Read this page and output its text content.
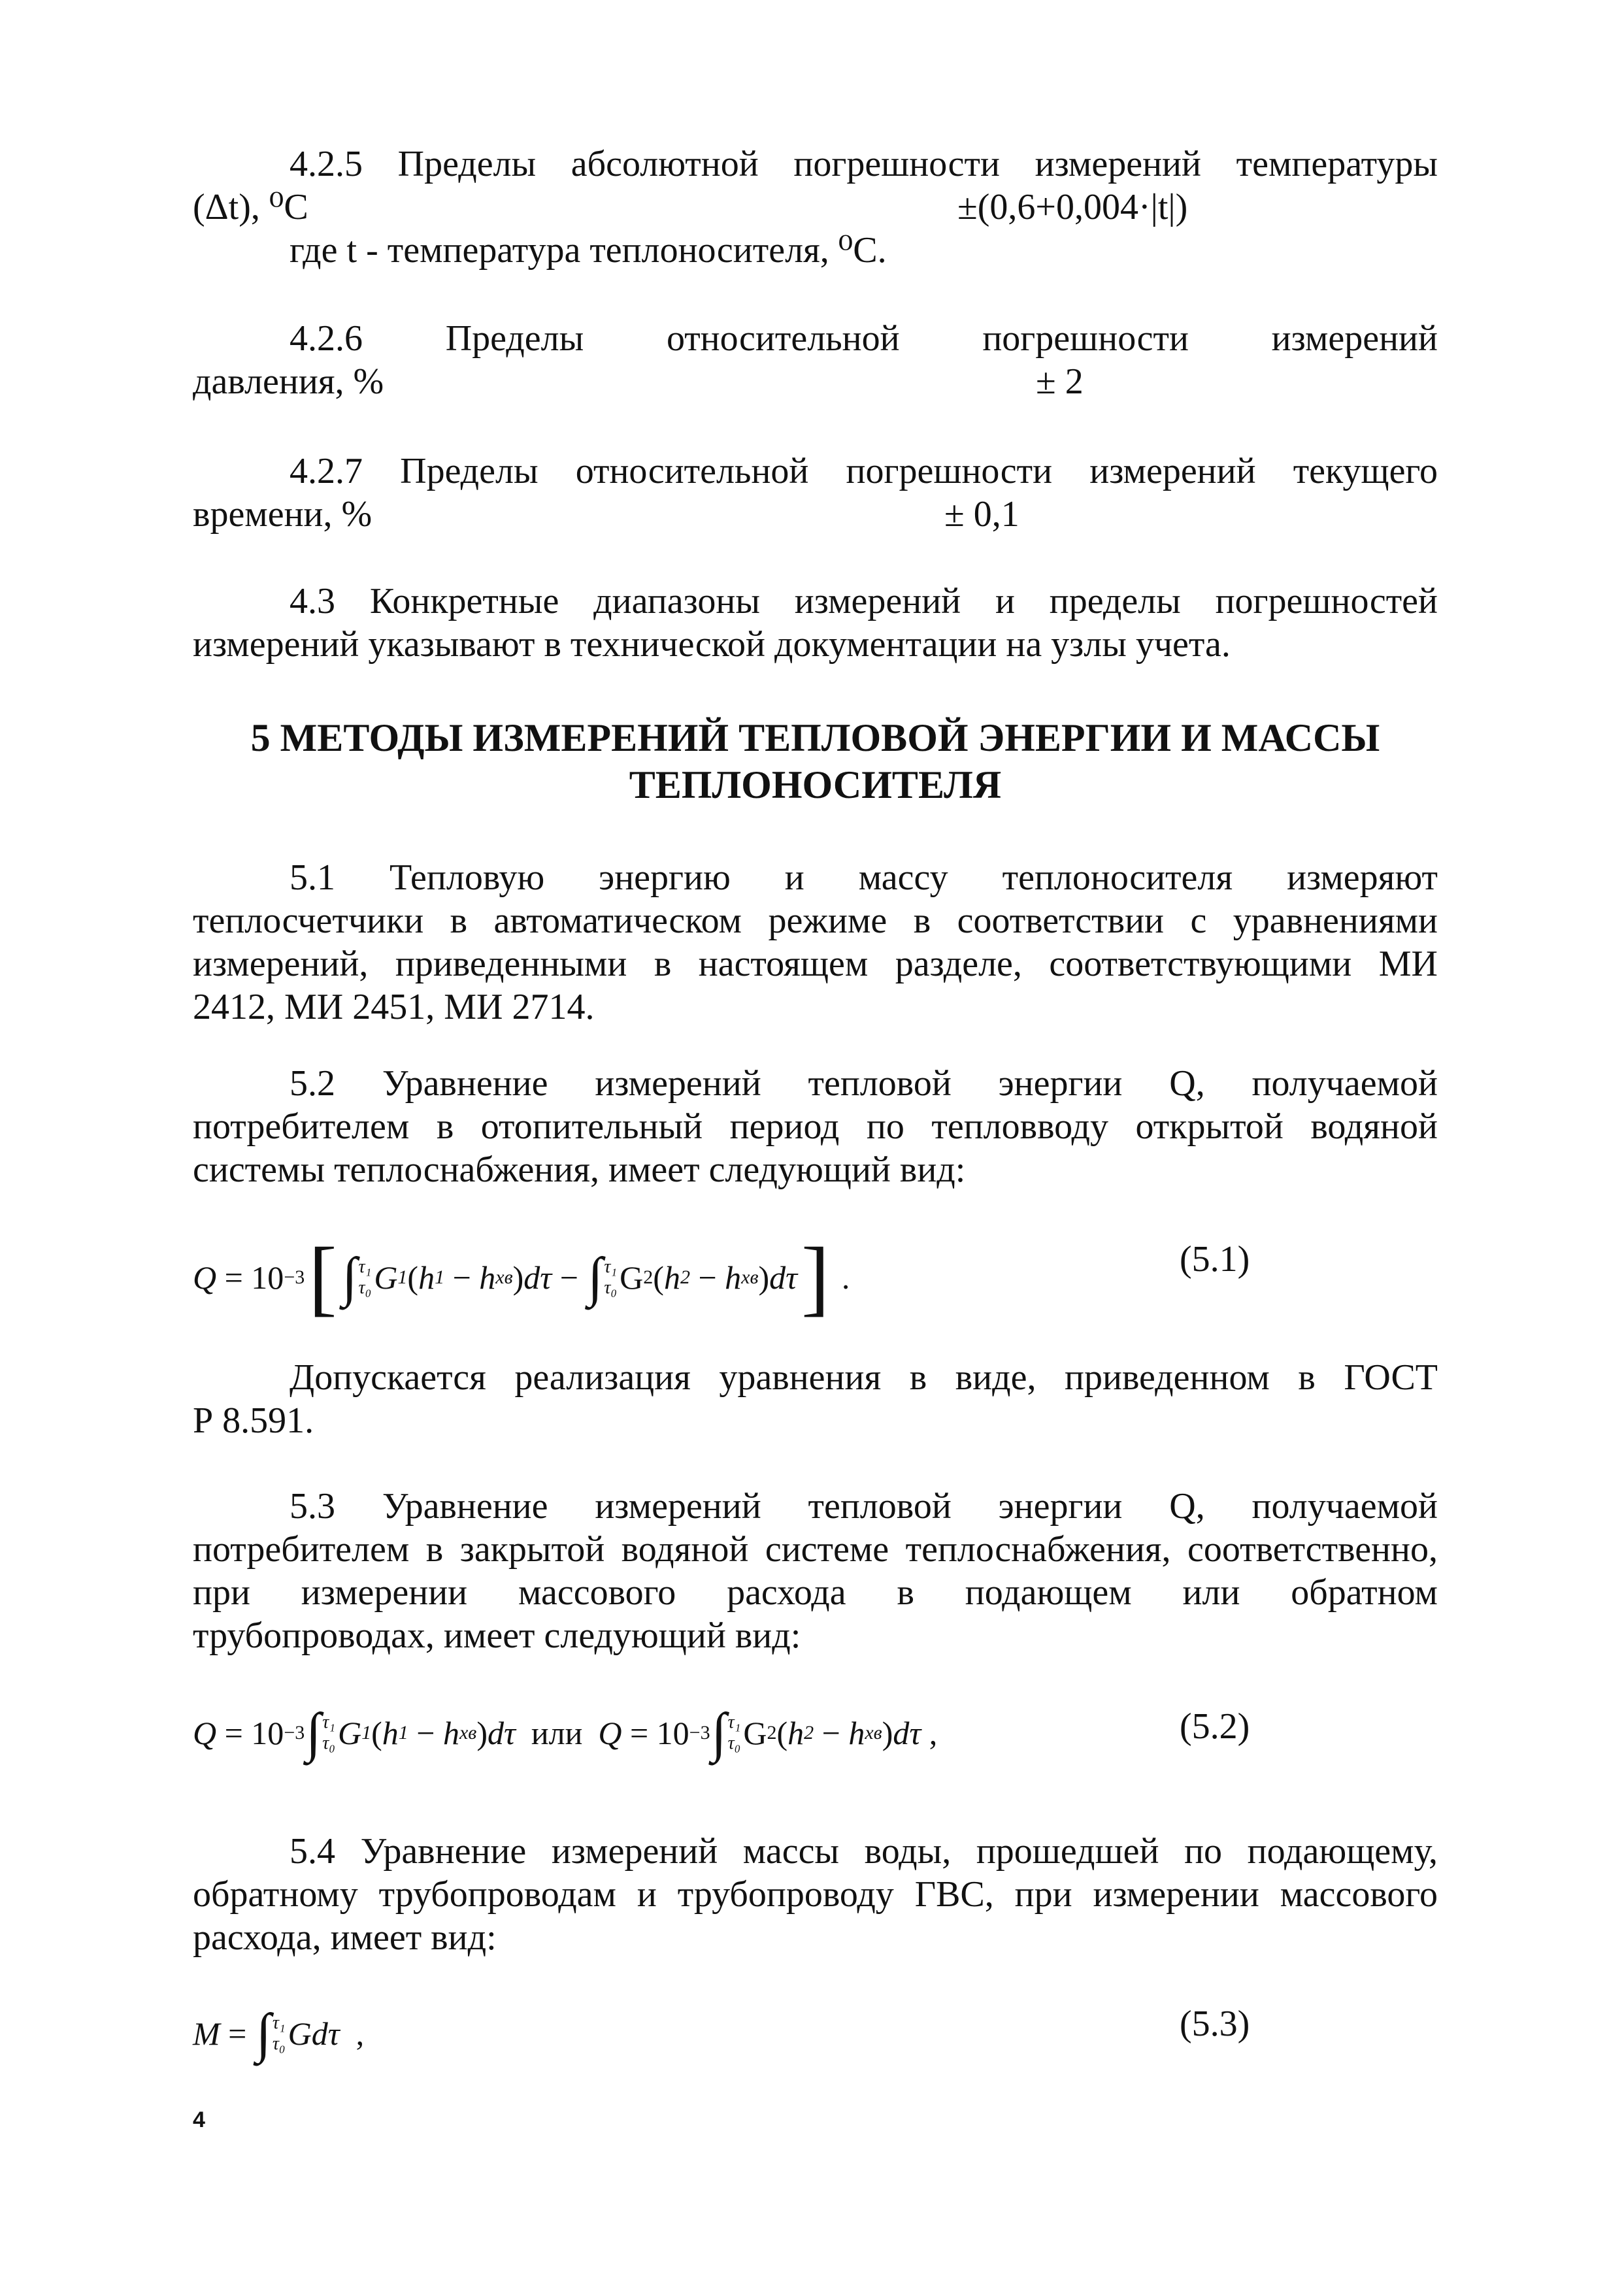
4.2.5 Пределы абсолютной погрешности измерений температуры
(Δt), ⁰С	±(0,6+0,004·|t|)
где t - температура теплоносителя, ⁰С.
4.2.6 Пределы относительной погрешности измерений
давления, %	± 2
4.2.7 Пределы относительной погрешности измерений текущего
времени, %	± 0,1
4.3 Конкретные диапазоны измерений и пределы погрешностей
измерений указывают в технической документации на узлы учета.
5 МЕТОДЫ ИЗМЕРЕНИЙ ТЕПЛОВОЙ ЭНЕРГИИ И МАССЫ
ТЕПЛОНОСИТЕЛЯ
5.1 Тепловую энергию и массу теплоносителя измеряют
теплосчетчики в автоматическом режиме в соответствии с уравнениями
измерений, приведенными в настоящем разделе, соответствующими МИ
2412, МИ 2451, МИ 2714.
5.2 Уравнение измерений тепловой энергии Q, получаемой
потребителем в отопительный период по тепловводу открытой водяной
системы теплоснабжения, имеет следующий вид:
Q = 10 −3 [ ∫ τ₁
τ₀ G 1 ( h 1 − h хв ) dτ − ∫ τ₁
τ₀ G 2 ( h 2 − h хв ) dτ ] .	(5.1)
Допускается реализация уравнения в виде, приведенном в ГОСТ
Р 8.591.
5.3 Уравнение измерений тепловой энергии Q, получаемой
потребителем в закрытой водяной системе теплоснабжения, соответственно,
при измерении массового расхода в подающем или обратном
трубопроводах, имеет следующий вид:
Q = 10 −3 ∫ τ₁
τ₀ G 1 ( h 1 − h хв ) dτ или Q = 10 −3 ∫ τ₁
τ₀ G 2 ( h 2 − h хв ) dτ ,	(5.2)
5.4 Уравнение измерений массы воды, прошедшей по подающему,
обратному трубопроводам и трубопроводу ГВС, при измерении массового
расхода, имеет вид:
M = ∫ τ₁
τ₀ Gdτ ,	(5.3)
4
